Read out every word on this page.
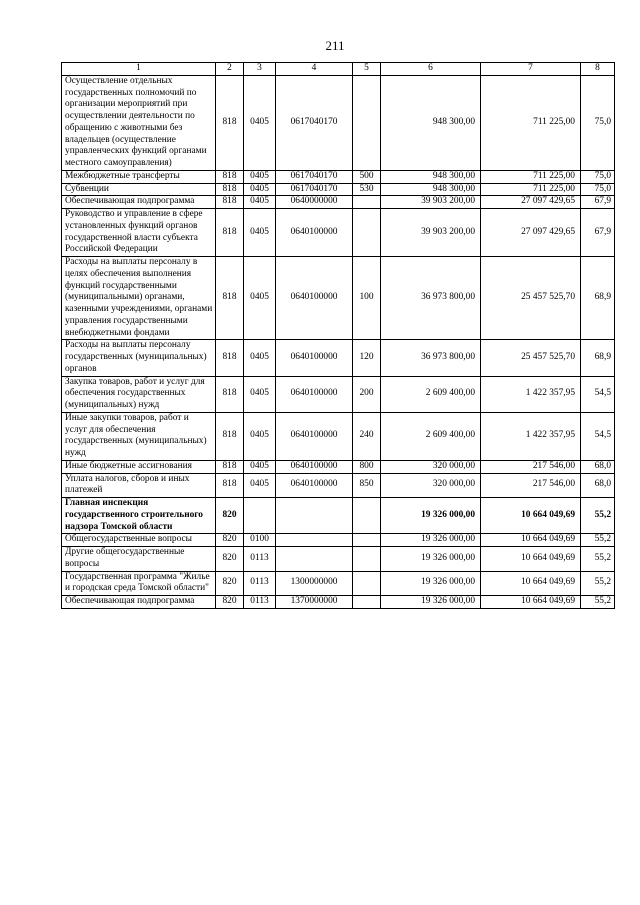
211
1	2	3	4	5	6	7	8
Осуществление отдельных государственных полномочий по организации мероприятий при осуществлении деятельности по обращению с животными без владельцев (осуществление управленческих функций органами местного самоуправления)	818	0405	0617040170		948 300,00	711 225,00	75,0
Межбюджетные трансферты	818	0405	0617040170	500	948 300,00	711 225,00	75,0
Субвенции	818	0405	0617040170	530	948 300,00	711 225,00	75,0
Обеспечивающая подпрограмма	818	0405	0640000000		39 903 200,00	27 097 429,65	67,9
Руководство и управление в сфере установленных функций органов государственной власти субъекта Российской Федерации	818	0405	0640100000		39 903 200,00	27 097 429,65	67,9
Расходы на выплаты персоналу в целях обеспечения выполнения функций государственными (муниципальными) органами, казенными учреждениями, органами управления государственными внебюджетными фондами	818	0405	0640100000	100	36 973 800,00	25 457 525,70	68,9
Расходы на выплаты персоналу государственных (муниципальных) органов	818	0405	0640100000	120	36 973 800,00	25 457 525,70	68,9
Закупка товаров, работ и услуг для обеспечения государственных (муниципальных) нужд	818	0405	0640100000	200	2 609 400,00	1 422 357,95	54,5
Иные закупки товаров, работ и услуг для обеспечения государственных (муниципальных) нужд	818	0405	0640100000	240	2 609 400,00	1 422 357,95	54,5
Иные бюджетные ассигнования	818	0405	0640100000	800	320 000,00	217 546,00	68,0
Уплата налогов, сборов и иных платежей	818	0405	0640100000	850	320 000,00	217 546,00	68,0
Главная инспекция государственного строительного надзора Томской области	820				19 326 000,00	10 664 049,69	55,2
Общегосударственные вопросы	820	0100			19 326 000,00	10 664 049,69	55,2
Другие общегосударственные вопросы	820	0113			19 326 000,00	10 664 049,69	55,2
Государственная программа "Жилье и городская среда Томской области"	820	0113	1300000000		19 326 000,00	10 664 049,69	55,2
Обеспечивающая подпрограмма	820	0113	1370000000		19 326 000,00	10 664 049,69	55,2
